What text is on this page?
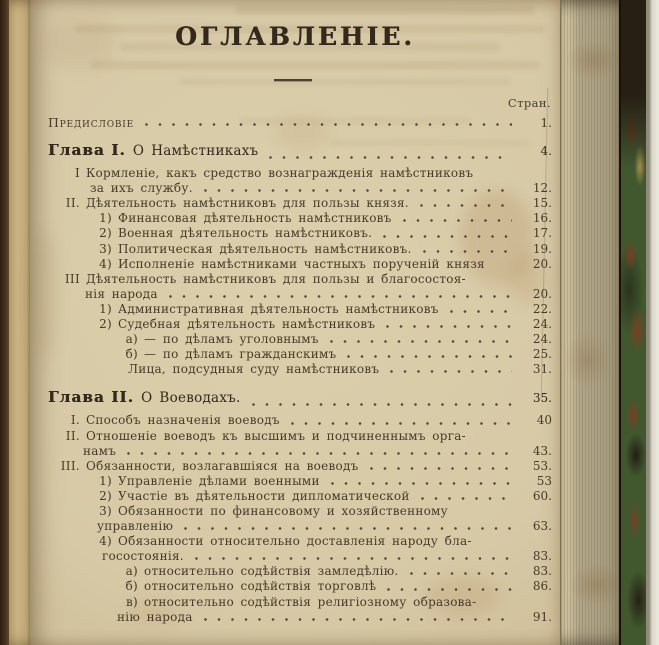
ОГЛАВЛЕНІЕ.
Стран.
Предисловіе	1.
Глава I. О Намѣстникахъ	4.
I Кормленіе, какъ средство вознагражденія намѣстниковъ
за ихъ службу.	12.
II. Дѣятельность намѣстниковъ для пользы князя.	15.
1) Финансовая дѣятельность намѣстниковъ	16.
2) Военная дѣятельность намѣстниковъ.	17.
3) Политическая дѣятельность намѣстниковъ.	19.
4) Исполненіе намѣстниками частныхъ порученій князя	20.
III Дѣятельность намѣстниковъ для пользы и благосостоя-
нія народа	20.
1) Административная дѣятельность намѣстниковъ	22.
2) Судебная дѣятельность намѣстниковъ	24.
а) — по дѣламъ уголовнымъ	24.
б) — по дѣламъ гражданскимъ	25.
Лица, подсудныя суду намѣстниковъ	31.
Глава II. О Воеводахъ.	35.
I. Способъ назначенія воеводъ	40
II. Отношеніе воеводъ къ высшимъ и подчиненнымъ орга-
намъ	43.
III. Обязанности, возлагавшіяся на воеводъ	53.
1) Управленіе дѣлами военными	53
2) Участіе въ дѣятельности дипломатической	60.
3) Обязанности по финансовому и хозяйственному
управленію	63.
4) Обязанности относительно доставленія народу бла-
госостоянія.	83.
а) относительно содѣйствія замледѣлію.	83.
б) относительно содѣйствія торговлѣ	86.
в) относительно содѣйствія религіозному образова-
нію народа	91.
